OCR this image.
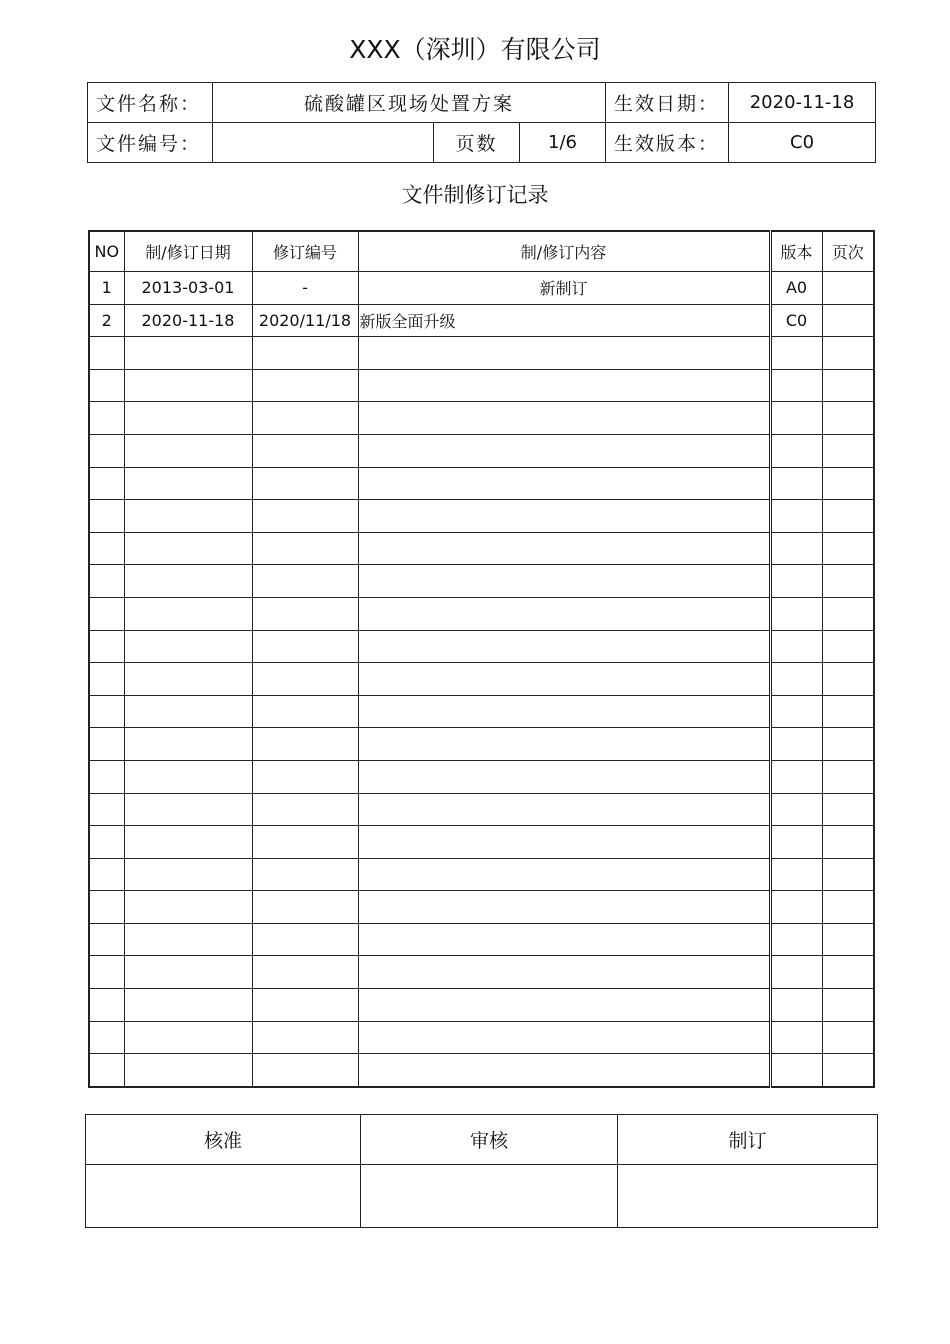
XXX（深圳）有限公司
文件名称：	硫酸罐区现场处置方案			生效日期：	2020-11-18
文件编号：		页数	1/6	生效版本：	C0
文件制修订记录
NO	制/修订日期	修订编号	制/修订内容	版本	页次
1	2013-03-01	-	新制订	A0	
2	2020-11-18	2020/11/18	新版全面升级	C0	

核准	审核	制订
